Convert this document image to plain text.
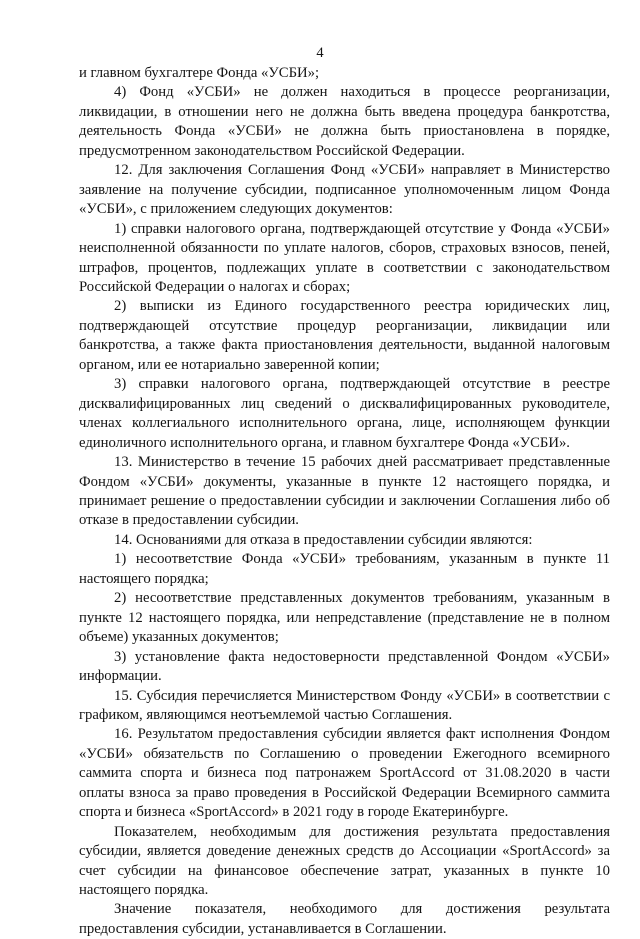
4

и главном бухгалтере Фонда «УСБИ»;

4) Фонд «УСБИ» не должен находиться в процессе реорганизации, ликвидации, в отношении него не должна быть введена процедура банкротства, деятельность Фонда «УСБИ» не должна быть приостановлена в порядке, предусмотренном законодательством Российской Федерации.

12. Для заключения Соглашения Фонд «УСБИ» направляет в Министерство заявление на получение субсидии, подписанное уполномоченным лицом Фонда «УСБИ», с приложением следующих документов:

1) справки налогового органа, подтверждающей отсутствие у Фонда «УСБИ» неисполненной обязанности по уплате налогов, сборов, страховых взносов, пеней, штрафов, процентов, подлежащих уплате в соответствии с законодательством Российской Федерации о налогах и сборах;

2) выписки из Единого государственного реестра юридических лиц, подтверждающей отсутствие процедур реорганизации, ликвидации или банкротства, а также факта приостановления деятельности, выданной налоговым органом, или ее нотариально заверенной копии;

3) справки налогового органа, подтверждающей отсутствие в реестре дисквалифицированных лиц сведений о дисквалифицированных руководителе, членах коллегиального исполнительного органа, лице, исполняющем функции единоличного исполнительного органа, и главном бухгалтере Фонда «УСБИ».

13. Министерство в течение 15 рабочих дней рассматривает представленные Фондом «УСБИ» документы, указанные в пункте 12 настоящего порядка, и принимает решение о предоставлении субсидии и заключении Соглашения либо об отказе в предоставлении субсидии.

14. Основаниями для отказа в предоставлении субсидии являются:

1) несоответствие Фонда «УСБИ» требованиям, указанным в пункте 11 настоящего порядка;

2) несоответствие представленных документов требованиям, указанным в пункте 12 настоящего порядка, или непредставление (представление не в полном объеме) указанных документов;

3) установление факта недостоверности представленной Фондом «УСБИ» информации.

15. Субсидия перечисляется Министерством Фонду «УСБИ» в соответствии с графиком, являющимся неотъемлемой частью Соглашения.

16. Результатом предоставления субсидии является факт исполнения Фондом «УСБИ» обязательств по Соглашению о проведении Ежегодного всемирного саммита спорта и бизнеса под патронажем SportAccord от 31.08.2020 в части оплаты взноса за право проведения в Российской Федерации Всемирного саммита спорта и бизнеса «SportAccord» в 2021 году в городе Екатеринбурге.

Показателем, необходимым для достижения результата предоставления субсидии, является доведение денежных средств до Ассоциации «SportAccord» за счет субсидии на финансовое обеспечение затрат, указанных в пункте 10 настоящего порядка.

Значение показателя, необходимого для достижения результата предоставления субсидии, устанавливается в Соглашении.
